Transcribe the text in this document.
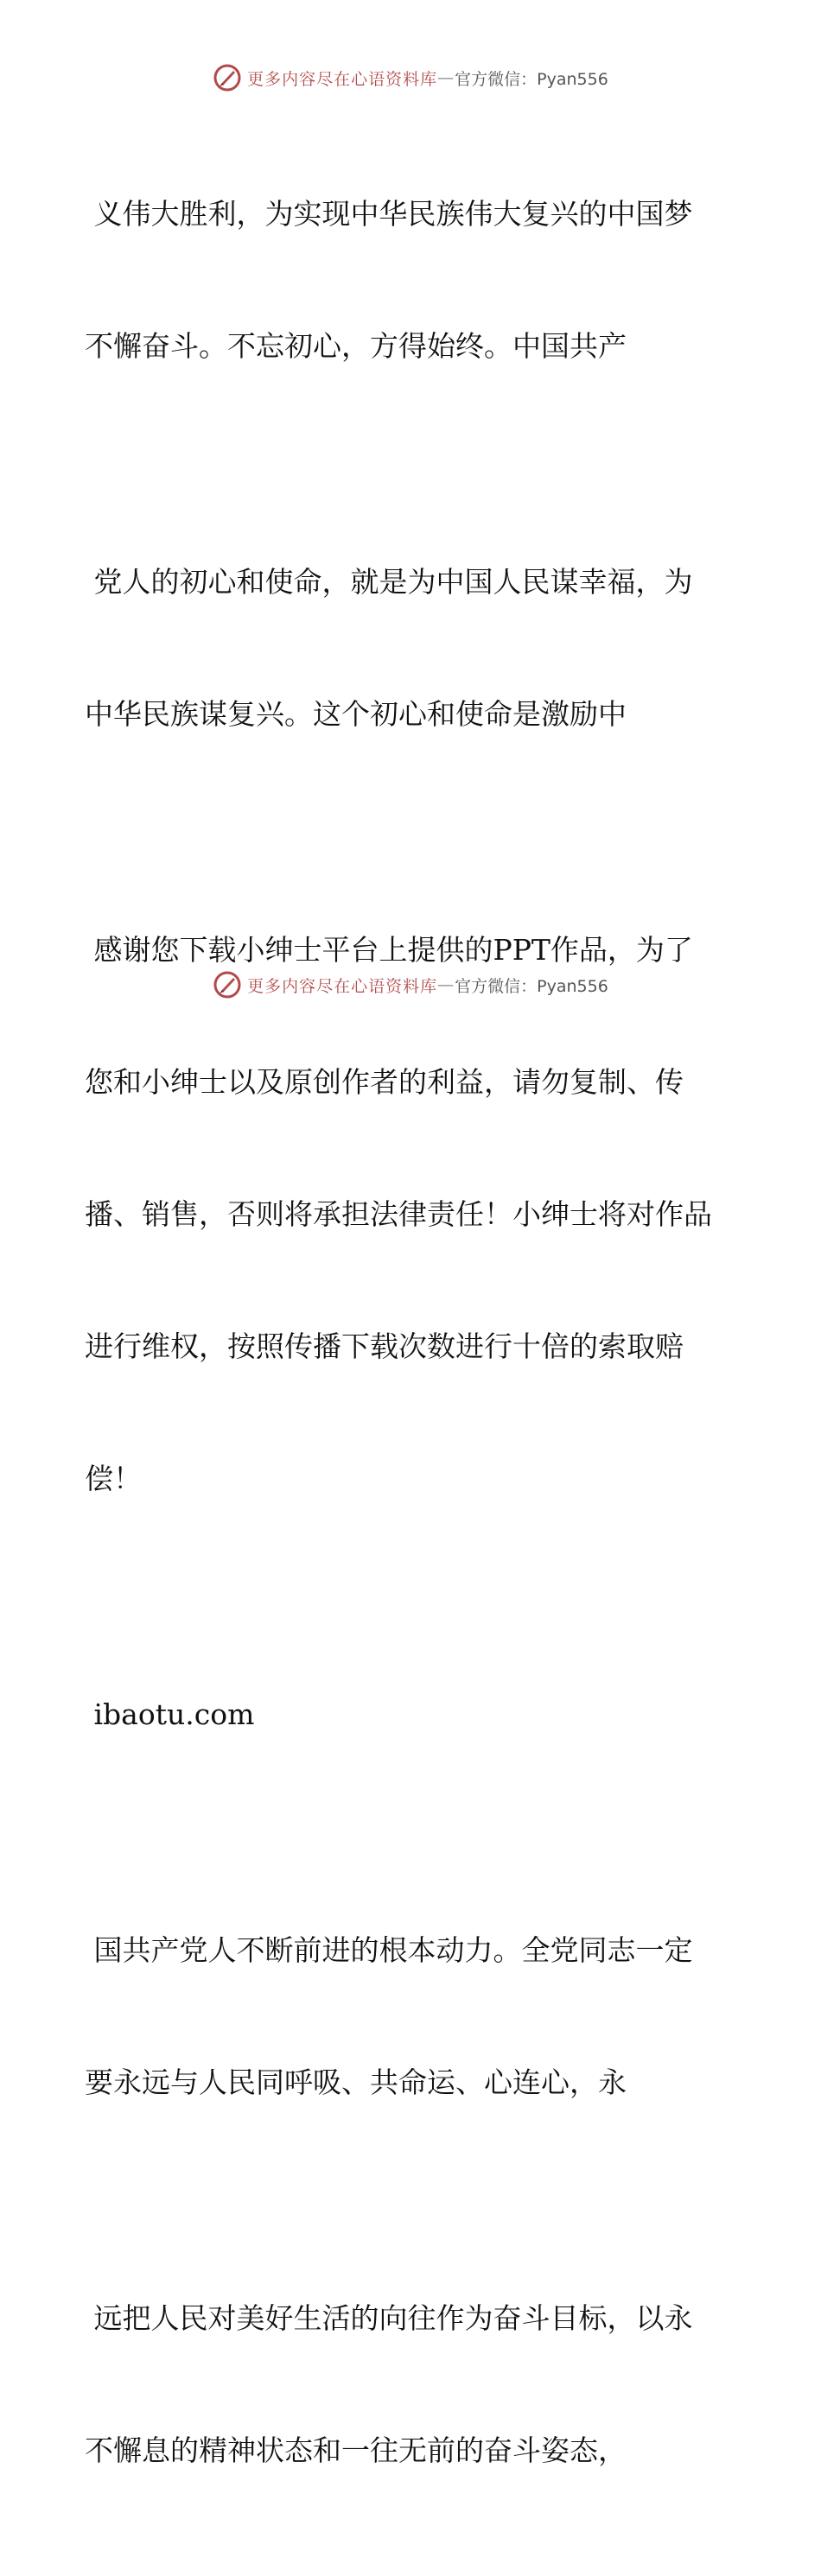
更多内容尽在心语资料库 — 官方微信：Pyan556

义伟大胜利，为实现中华民族伟大复兴的中国梦

不懈奋斗。不忘初心，方得始终。中国共产

党人的初心和使命，就是为中国人民谋幸福，为

中华民族谋复兴。这个初心和使命是激励中

感谢您下载小绅士平台上提供的PPT作品，为了

您和小绅士以及原创作者的利益，请勿复制、传

播、销售，否则将承担法律责任！小绅士将对作品

进行维权，按照传播下载次数进行十倍的索取赔

偿！

ibaotu.com

国共产党人不断前进的根本动力。全党同志一定

要永远与人民同呼吸、共命运、心连心，永

远把人民对美好生活的向往作为奋斗目标，以永

不懈息的精神状态和一往无前的奋斗姿态，

更多内容尽在心语资料库 — 官方微信：Pyan556
